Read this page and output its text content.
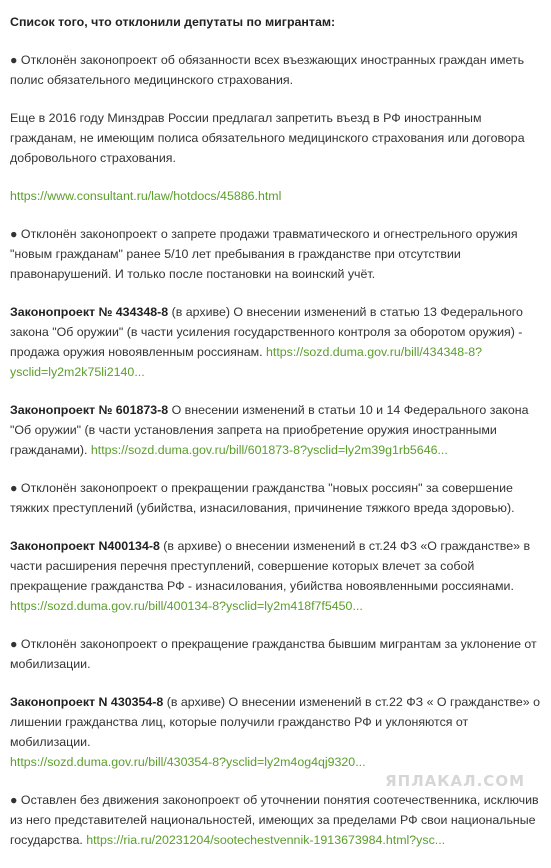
Список того, что отклонили депутаты по мигрантам:

● Отклонён законопроект об обязанности всех въезжающих иностранных граждан иметь полис обязательного медицинского страхования.

Еще в 2016 году Минздрав России предлагал запретить въезд в РФ иностранным гражданам, не имеющим полиса обязательного медицинского страхования или договора добровольного страхования.

https://www.consultant.ru/law/hotdocs/45886.html

● Отклонён законопроект о запрете продажи травматического и огнестрельного оружия "новым гражданам" ранее 5/10 лет пребывания в гражданстве при отсутствии правонарушений. И только после постановки на воинский учёт.

Законопроект № 434348-8 (в архиве) О внесении изменений в статью 13 Федерального закона "Об оружии" (в части усиления государственного контроля за оборотом оружия) - продажа оружия новоявленным россиянам. https://sozd.duma.gov.ru/bill/434348-8?ysclid=ly2m2k75li2140...

Законопроект № 601873-8 О внесении изменений в статьи 10 и 14 Федерального закона "Об оружии" (в части установления запрета на приобретение оружия иностранными гражданами). https://sozd.duma.gov.ru/bill/601873-8?ysclid=ly2m39g1rb5646...

● Отклонён законопроект о прекращении гражданства "новых россиян" за совершение тяжких преступлений (убийства, изнасилования, причинение тяжкого вреда здоровью).

Законопроект N400134-8 (в архиве) о внесении изменений в ст.24 ФЗ «О гражданстве» в части расширения перечня преступлений, совершение которых влечет за собой прекращение гражданства РФ - изнасилования, убийства новоявленными россиянами.

https://sozd.duma.gov.ru/bill/400134-8?ysclid=ly2m418f7f5450...

● Отклонён законопроект о прекращение гражданства бывшим мигрантам за уклонение от мобилизации.

Законопроект N 430354-8 (в архиве) О внесении изменений в ст.22 ФЗ « О гражданстве» о лишении гражданства лиц, которые получили гражданство РФ и уклоняются от мобилизации.

https://sozd.duma.gov.ru/bill/430354-8?ysclid=ly2m4og4qj9320...

● Оставлен без движения законопроект об уточнении понятия соотечественника, исключив из него представителей национальностей, имеющих за пределами РФ свои национальные государства. https://ria.ru/20231204/sootechestvennik-1913673984.html?ysc...

ЯПЛАКАЛ.COM
